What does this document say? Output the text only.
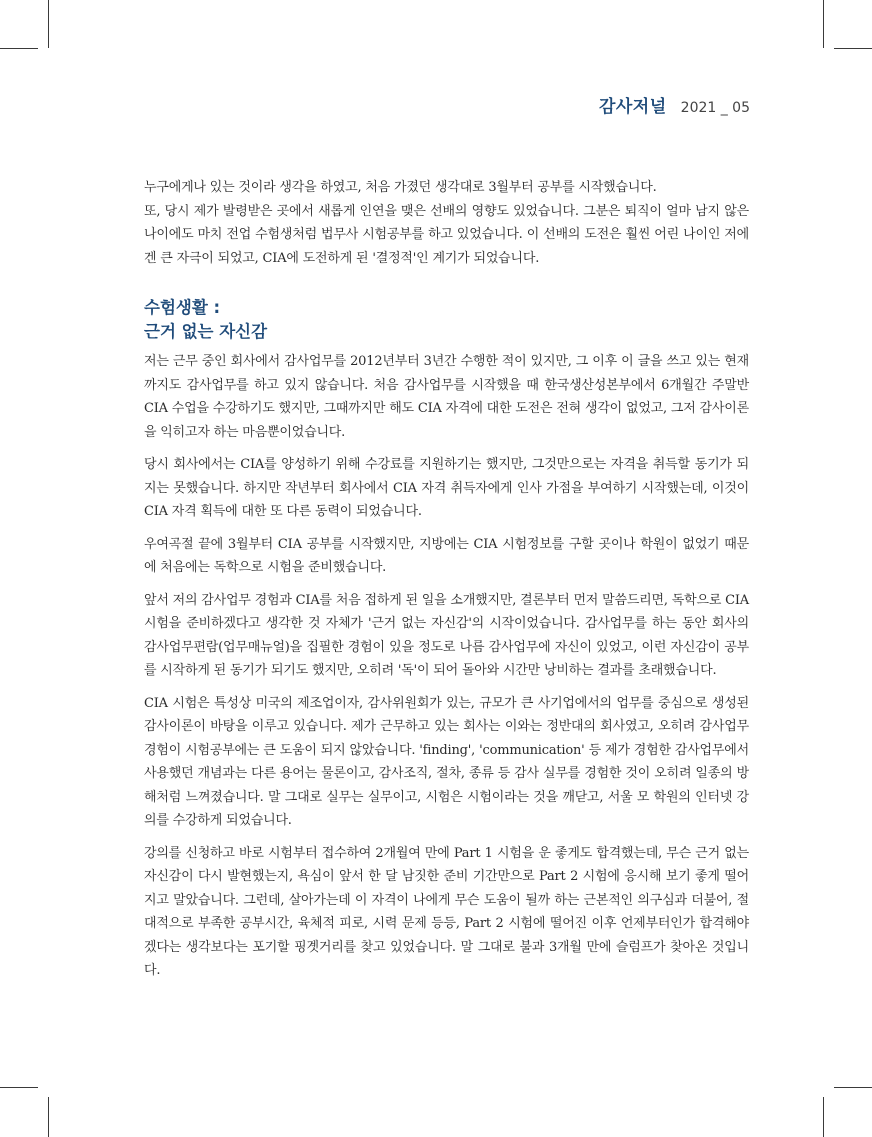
감사저널 2021 _ 05

누구에게나 있는 것이라 생각을 하였고, 처음 가졌던 생각대로 3월부터 공부를 시작했습니다.

또, 당시 제가 발령받은 곳에서 새롭게 인연을 맺은 선배의 영향도 있었습니다. 그분은 퇴직이 얼마 남지 않은 나이에도 마치 전업 수험생처럼 법무사 시험공부를 하고 있었습니다. 이 선배의 도전은 훨씬 어린 나이인 저에겐 큰 자극이 되었고, CIA에 도전하게 된 '결정적'인 계기가 되었습니다.

수험생활 :
근거 없는 자신감

저는 근무 중인 회사에서 감사업무를 2012년부터 3년간 수행한 적이 있지만, 그 이후 이 글을 쓰고 있는 현재까지도 감사업무를 하고 있지 않습니다. 처음 감사업무를 시작했을 때 한국생산성본부에서 6개월간 주말반 CIA 수업을 수강하기도 했지만, 그때까지만 해도 CIA 자격에 대한 도전은 전혀 생각이 없었고, 그저 감사이론을 익히고자 하는 마음뿐이었습니다.

당시 회사에서는 CIA를 양성하기 위해 수강료를 지원하기는 했지만, 그것만으로는 자격을 취득할 동기가 되지는 못했습니다. 하지만 작년부터 회사에서 CIA 자격 취득자에게 인사 가점을 부여하기 시작했는데, 이것이 CIA 자격 획득에 대한 또 다른 동력이 되었습니다.

우여곡절 끝에 3월부터 CIA 공부를 시작했지만, 지방에는 CIA 시험정보를 구할 곳이나 학원이 없었기 때문에 처음에는 독학으로 시험을 준비했습니다.

앞서 저의 감사업무 경험과 CIA를 처음 접하게 된 일을 소개했지만, 결론부터 먼저 말씀드리면, 독학으로 CIA 시험을 준비하겠다고 생각한 것 자체가 '근거 없는 자신감'의 시작이었습니다. 감사업무를 하는 동안 회사의 감사업무편람(업무매뉴얼)을 집필한 경험이 있을 정도로 나름 감사업무에 자신이 있었고, 이런 자신감이 공부를 시작하게 된 동기가 되기도 했지만, 오히려 '독'이 되어 돌아와 시간만 낭비하는 결과를 초래했습니다.

CIA 시험은 특성상 미국의 제조업이자, 감사위원회가 있는, 규모가 큰 사기업에서의 업무를 중심으로 생성된 감사이론이 바탕을 이루고 있습니다. 제가 근무하고 있는 회사는 이와는 정반대의 회사였고, 오히려 감사업무 경험이 시험공부에는 큰 도움이 되지 않았습니다. 'finding', 'communication' 등 제가 경험한 감사업무에서 사용했던 개념과는 다른 용어는 물론이고, 감사조직, 절차, 종류 등 감사 실무를 경험한 것이 오히려 일종의 방해처럼 느껴졌습니다. 말 그대로 실무는 실무이고, 시험은 시험이라는 것을 깨닫고, 서울 모 학원의 인터넷 강의를 수강하게 되었습니다.

강의를 신청하고 바로 시험부터 접수하여 2개월여 만에 Part 1 시험을 운 좋게도 합격했는데, 무슨 근거 없는 자신감이 다시 발현했는지, 욕심이 앞서 한 달 남짓한 준비 기간만으로 Part 2 시험에 응시해 보기 좋게 떨어지고 말았습니다. 그런데, 살아가는데 이 자격이 나에게 무슨 도움이 될까 하는 근본적인 의구심과 더불어, 절대적으로 부족한 공부시간, 육체적 피로, 시력 문제 등등, Part 2 시험에 떨어진 이후 언제부터인가 합격해야겠다는 생각보다는 포기할 핑곗거리를 찾고 있었습니다. 말 그대로 불과 3개월 만에 슬럼프가 찾아온 것입니다.
